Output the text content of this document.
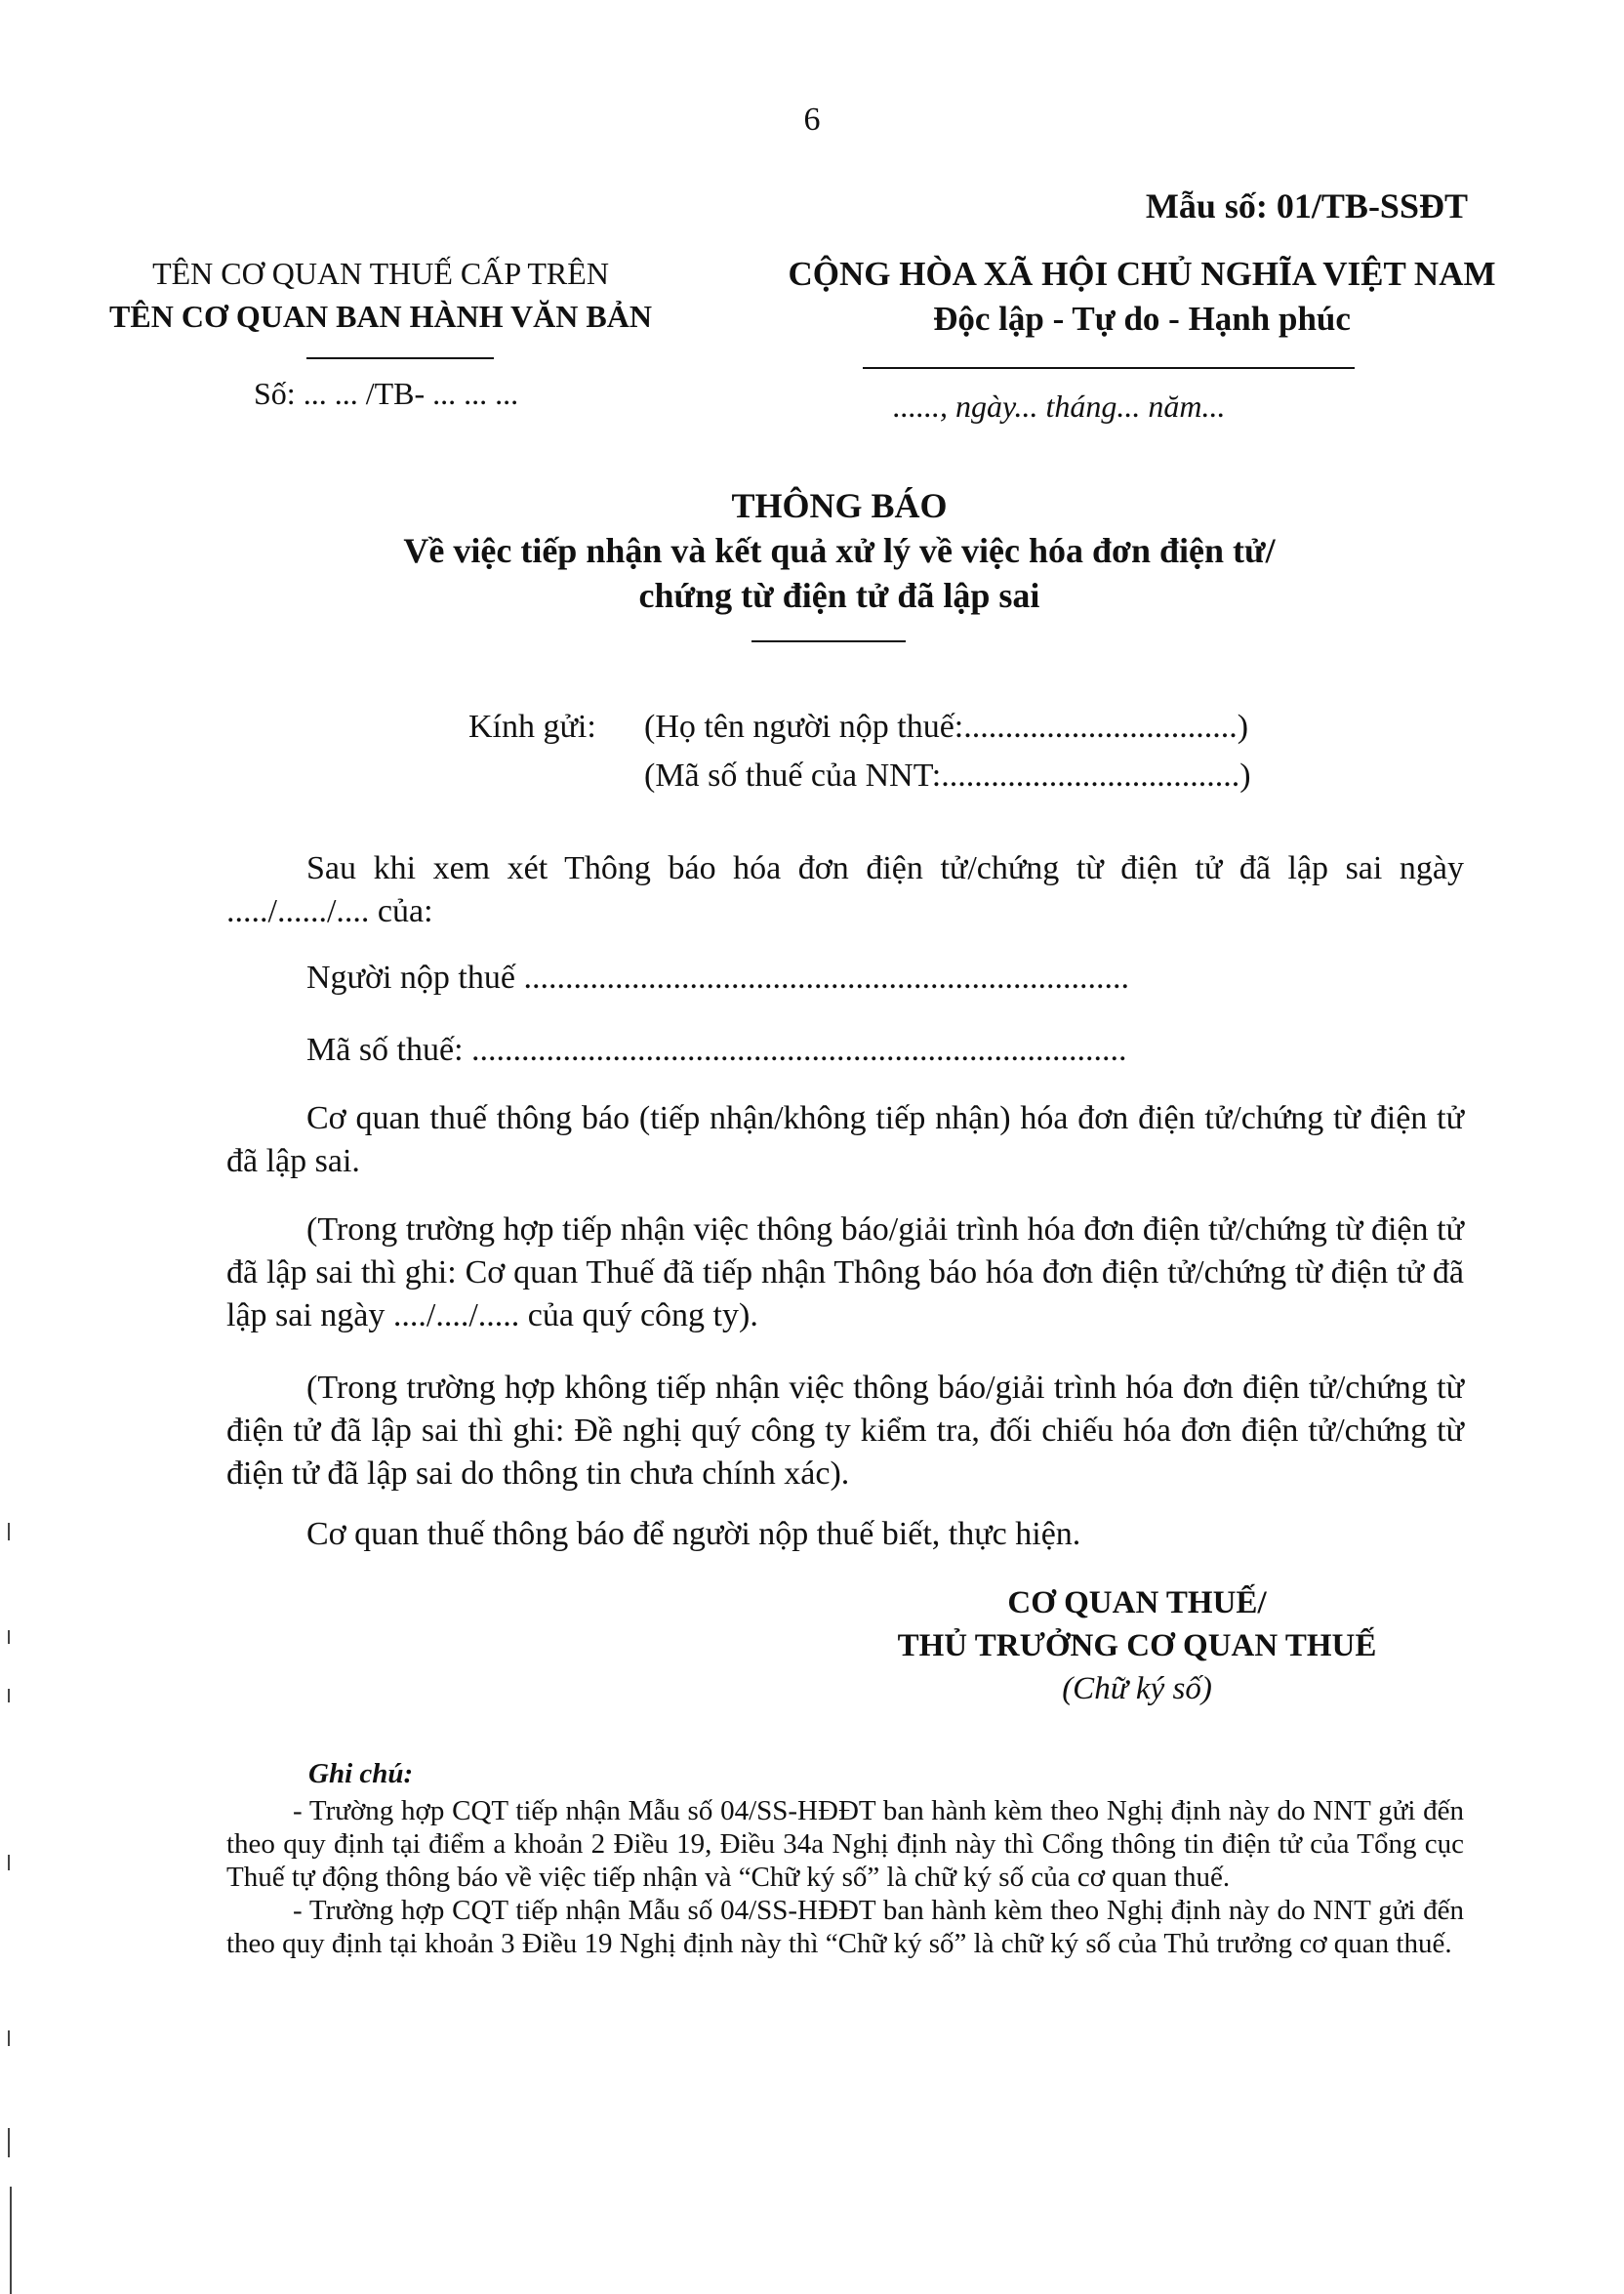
6
Mẫu số: 01/TB-SSĐT
TÊN CƠ QUAN THUẾ CẤP TRÊN
TÊN CƠ QUAN BAN HÀNH VĂN BẢN
CỘNG HÒA XÃ HỘI CHỦ NGHĨA VIỆT NAM
Độc lập - Tự do - Hạnh phúc
Số: ... ... /TB- ... ... ...	......, ngày... tháng... năm...
THÔNG BÁO
Về việc tiếp nhận và kết quả xử lý về việc hóa đơn điện tử/
chứng từ điện tử đã lập sai
Kính gửi: (Họ tên người nộp thuế:.................................)
(Mã số thuế của NNT:....................................)

Sau khi xem xét Thông báo hóa đơn điện tử/chứng từ điện tử đã lập sai ngày ...../....../.... của:

Người nộp thuế .........................................................................

Mã số thuế: ...............................................................................

Cơ quan thuế thông báo (tiếp nhận/không tiếp nhận) hóa đơn điện tử/chứng từ điện tử đã lập sai.

(Trong trường hợp tiếp nhận việc thông báo/giải trình hóa đơn điện tử/chứng từ điện tử đã lập sai thì ghi: Cơ quan Thuế đã tiếp nhận Thông báo hóa đơn điện tử/chứng từ điện tử đã lập sai ngày ..../..../..... của quý công ty).

(Trong trường hợp không tiếp nhận việc thông báo/giải trình hóa đơn điện tử/chứng từ điện tử đã lập sai thì ghi: Đề nghị quý công ty kiểm tra, đối chiếu hóa đơn điện tử/chứng từ điện tử đã lập sai do thông tin chưa chính xác).

Cơ quan thuế thông báo để người nộp thuế biết, thực hiện.

CƠ QUAN THUẾ/
THỦ TRƯỞNG CƠ QUAN THUẾ
(Chữ ký số)

Ghi chú:

- Trường hợp CQT tiếp nhận Mẫu số 04/SS-HĐĐT ban hành kèm theo Nghị định này do NNT gửi đến theo quy định tại điểm a khoản 2 Điều 19, Điều 34a Nghị định này thì Cổng thông tin điện tử của Tổng cục Thuế tự động thông báo về việc tiếp nhận và “Chữ ký số” là chữ ký số của cơ quan thuế.

- Trường hợp CQT tiếp nhận Mẫu số 04/SS-HĐĐT ban hành kèm theo Nghị định này do NNT gửi đến theo quy định tại khoản 3 Điều 19 Nghị định này thì “Chữ ký số” là chữ ký số của Thủ trưởng cơ quan thuế.
